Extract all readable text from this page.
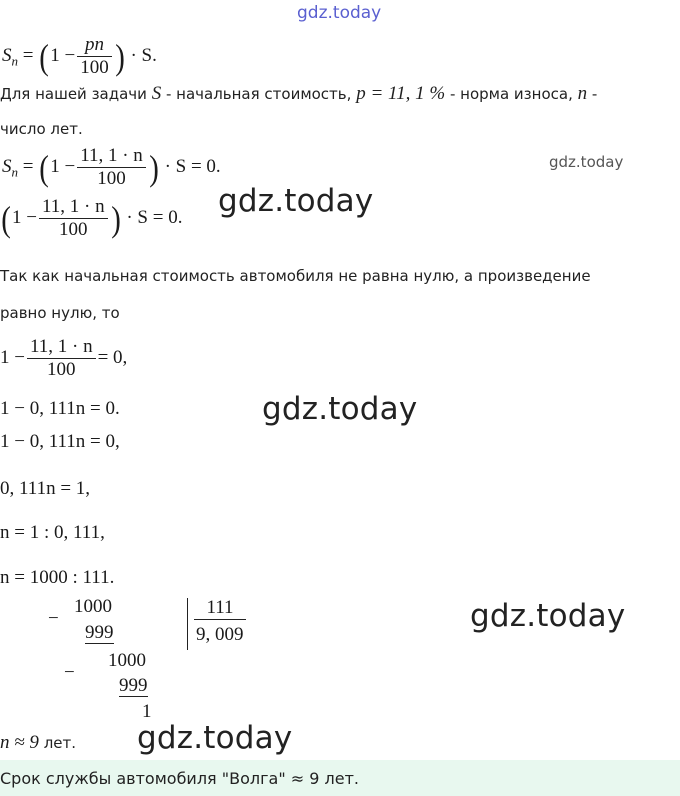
gdz.today
gdz.today
$S_n = (1 - \frac{pn}{100}$ ) · S.
Для нашей задачи S - начальная стоимость, p = 11, 1 % - норма износа, n -
число лет.
$S_n = (1 - \frac{11, 1 \cdot n}{100}$ ) · S = 0.
($1 - \frac{11, 1 \cdot n}{100}$ ) · S = 0. gdz.today
Так как начальная стоимость автомобиля не равна нулю, а произведение
равно нулю, то
$1 - \frac{11, 1 \cdot n}{100} = 0$,
1 − 0, 111n = 0.	gdz.today
1 − 0, 111n = 0,
0, 111n = 1,
n = 1 : 0, 111,
n = 1000 : 111.
−
1000
999
111
9, 009
−
1000
999
1
gdz.today
n ≈ 9 лет. gdz.today
Срок службы автомобиля "Волга" ≈ 9 лет.
